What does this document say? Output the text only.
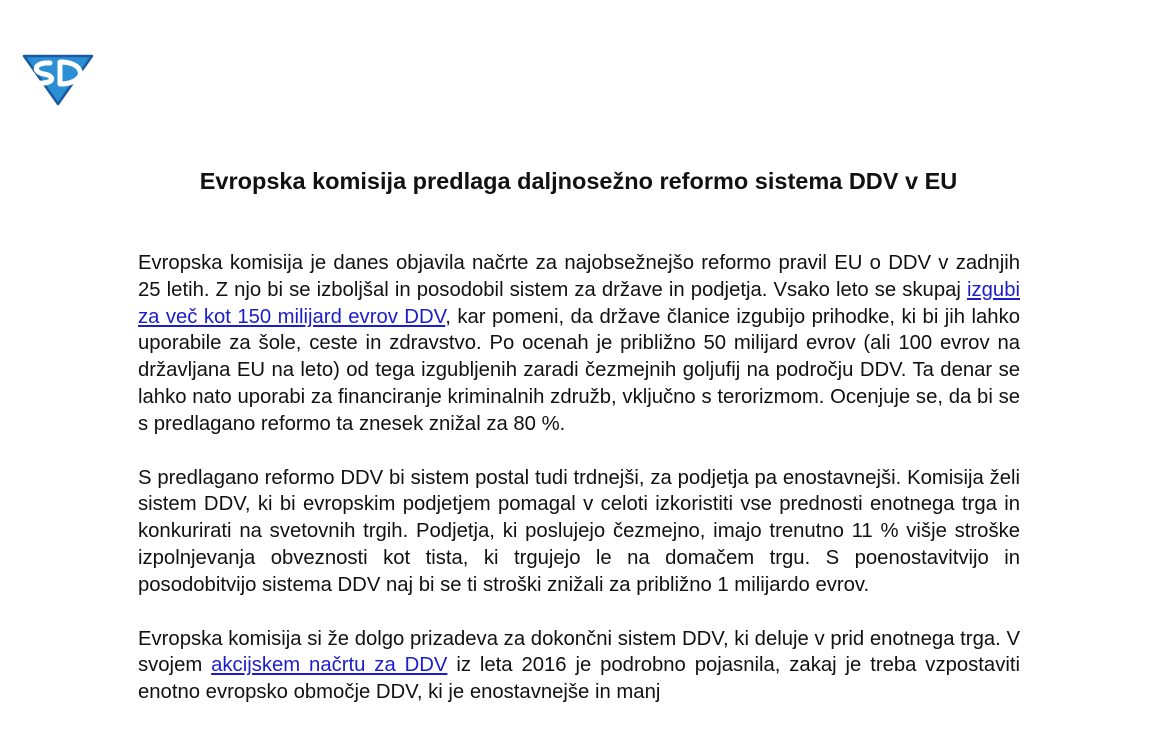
Evropska komisija predlaga daljnosežno reformo sistema DDV v EU

Evropska komisija je danes objavila načrte za najobsežnejšo reformo pravil EU o DDV v zadnjih 25 letih. Z njo bi se izboljšal in posodobil sistem za države in podjetja. Vsako leto se skupaj izgubi za več kot 150 milijard evrov DDV, kar pomeni, da države članice izgubijo prihodke, ki bi jih lahko uporabile za šole, ceste in zdravstvo. Po ocenah je približno 50 milijard evrov (ali 100 evrov na državljana EU na leto) od tega izgubljenih zaradi čezmejnih goljufij na področju DDV. Ta denar se lahko nato uporabi za financiranje kriminalnih združb, vključno s terorizmom. Ocenjuje se, da bi se s predlagano reformo ta znesek znižal za 80 %.

S predlagano reformo DDV bi sistem postal tudi trdnejši, za podjetja pa enostavnejši. Komisija želi sistem DDV, ki bi evropskim podjetjem pomagal v celoti izkoristiti vse prednosti enotnega trga in konkurirati na svetovnih trgih. Podjetja, ki poslujejo čezmejno, imajo trenutno 11 % višje stroške izpolnjevanja obveznosti kot tista, ki trgujejo le na domačem trgu. S poenostavitvijo in posodobitvijo sistema DDV naj bi se ti stroški znižali za približno 1 milijardo evrov.

Evropska komisija si že dolgo prizadeva za dokončni sistem DDV, ki deluje v prid enotnega trga. V svojem akcijskem načrtu za DDV iz leta 2016 je podrobno pojasnila, zakaj je treba vzpostaviti enotno evropsko območje DDV, ki je enostavnejše in manj
